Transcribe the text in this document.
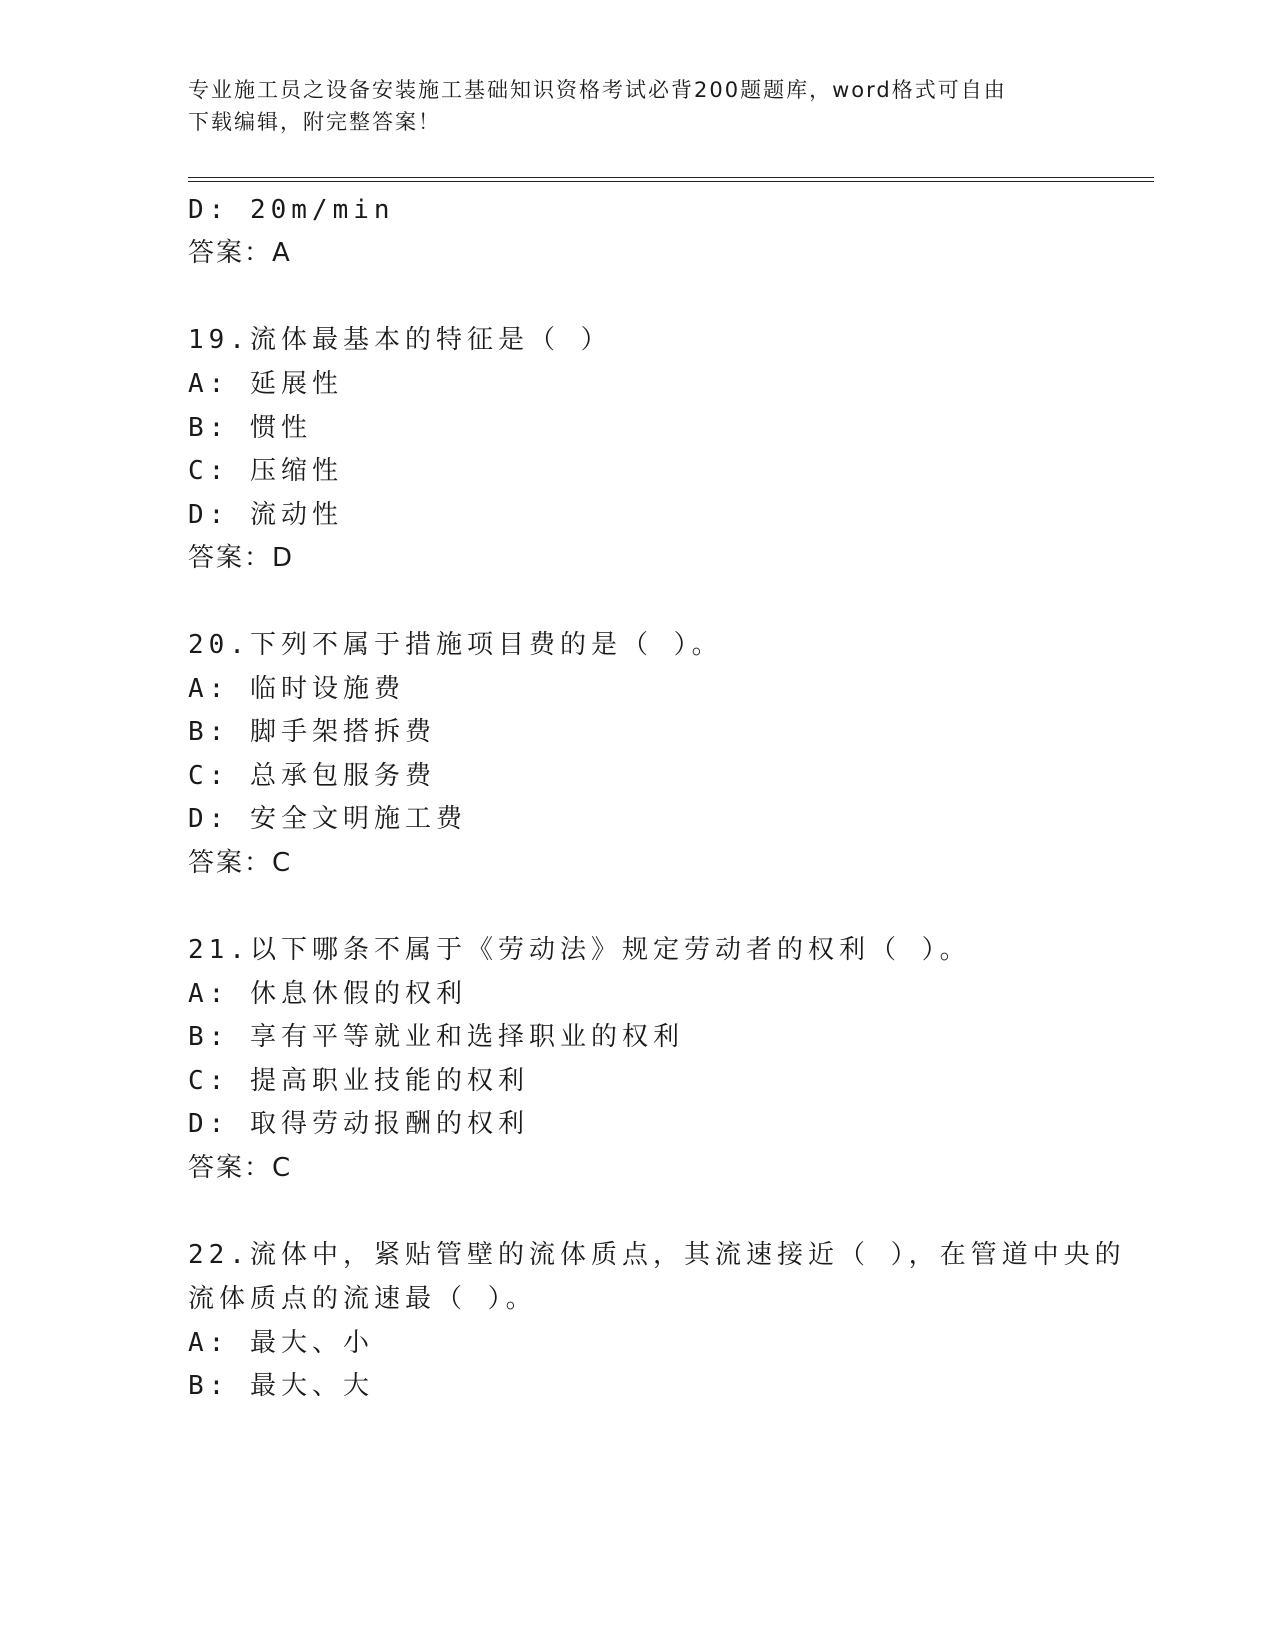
专业施工员之设备安装施工基础知识资格考试必背200题题库，word格式可自由
下载编辑，附完整答案！
D: 20m/min
答案：A
19.流体最基本的特征是（ ）
A: 延展性
B: 惯性
C: 压缩性
D: 流动性
答案：D
20.下列不属于措施项目费的是（ ）。
A: 临时设施费
B: 脚手架搭拆费
C: 总承包服务费
D: 安全文明施工费
答案：C
21.以下哪条不属于《劳动法》规定劳动者的权利（ ）。
A: 休息休假的权利
B: 享有平等就业和选择职业的权利
C: 提高职业技能的权利
D: 取得劳动报酬的权利
答案：C
22.流体中，紧贴管壁的流体质点，其流速接近（ ），在管道中央的
流体质点的流速最（ ）。
A: 最大、小
B: 最大、大
